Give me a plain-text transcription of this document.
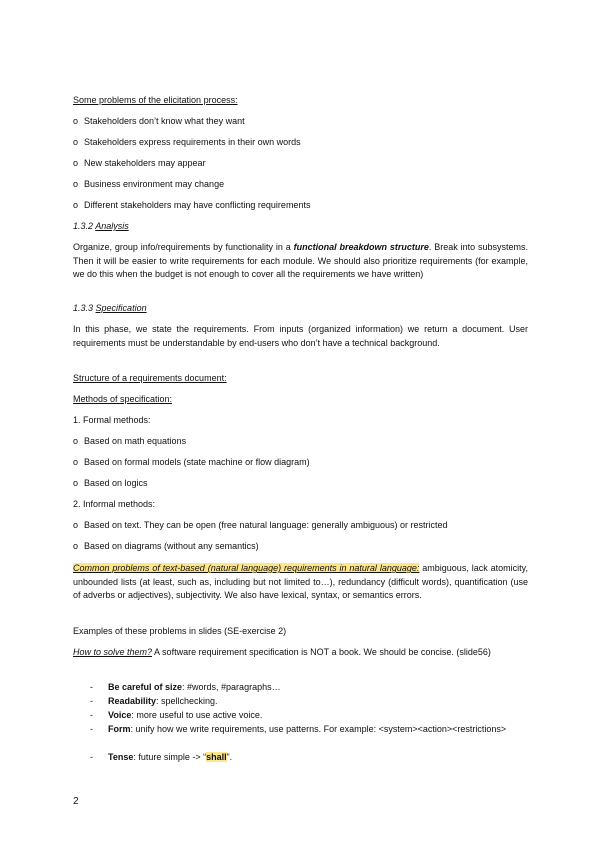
Some problems of the elicitation process:
o Stakeholders don’t know what they want
o Stakeholders express requirements in their own words
o New stakeholders may appear
o Business environment may change
o Different stakeholders may have conflicting requirements
1.3.2 Analysis
Organize, group info/requirements by functionality in a functional breakdown structure. Break into subsystems. Then it will be easier to write requirements for each module. We should also prioritize requirements (for example, we do this when the budget is not enough to cover all the requirements we have written)
1.3.3 Specification
In this phase, we state the requirements. From inputs (organized information) we return a document. User requirements must be understandable by end-users who don’t have a technical background.
Structure of a requirements document:
Methods of specification:
1. Formal methods:
o Based on math equations
o Based on formal models (state machine or flow diagram)
o Based on logics
2. Informal methods:
o Based on text. They can be open (free natural language: generally ambiguous) or restricted
o Based on diagrams (without any semantics)
Common problems of text-based (natural language) requirements in natural language: ambiguous, lack atomicity, unbounded lists (at least, such as, including but not limited to…), redundancy (difficult words), quantification (use of adverbs or adjectives), subjectivity. We also have lexical, syntax, or semantics errors.
Examples of these problems in slides (SE-exercise 2)
How to solve them? A software requirement specification is NOT a book. We should be concise. (slide56)
- Be careful of size: #words, #paragraphs…
- Readability: spellchecking.
- Voice: more useful to use active voice.
- Form: unify how we write requirements, use patterns. For example: <system><action><restrictions>
- Tense: future simple -> “shall”.
2
